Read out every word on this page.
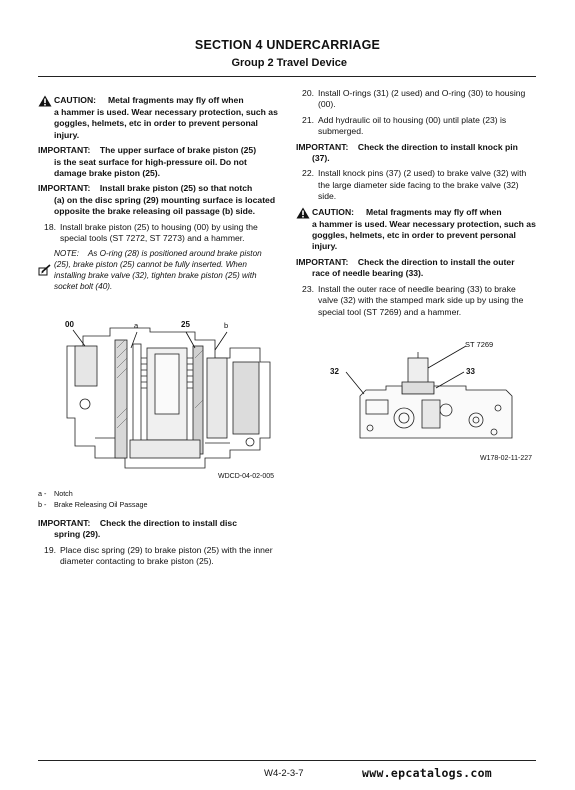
SECTION 4 UNDERCARRIAGE
Group 2 Travel Device
CAUTION: Metal fragments may fly off when
a hammer is used. Wear necessary protection, such as goggles, helmets, etc in order to prevent personal injury.
IMPORTANT: The upper surface of brake piston (25)
is the seat surface for high-pressure oil. Do not damage brake piston (25).
IMPORTANT: Install brake piston (25) so that notch
(a) on the disc spring (29) mounting surface is located opposite the brake releasing oil passage (b) side.
18. Install brake piston (25) to housing (00) by using the special tools (ST 7272, ST 7273) and a hammer.
NOTE: As O-ring (28) is positioned around brake piston (25), brake piston (25) cannot be fully inserted. When installing brake valve (32), tighten brake piston (25) with socket bolt (40).
00	a	25	b
WDCD-04-02-005
a - Notch
b - Brake Releasing Oil Passage
IMPORTANT: Check the direction to install disc
spring (29).
19. Place disc spring (29) to brake piston (25) with the inner diameter contacting to brake piston (25).
20. Install O-rings (31) (2 used) and O-ring (30) to housing (00).
21. Add hydraulic oil to housing (00) until plate (23) is submerged.
IMPORTANT: Check the direction to install knock pin
(37).
22. Install knock pins (37) (2 used) to brake valve (32) with the large diameter side facing to the brake valve (32) side.
CAUTION: Metal fragments may fly off when
a hammer is used. Wear necessary protection, such as goggles, helmets, etc in order to prevent personal injury.
IMPORTANT: Check the direction to install the outer
race of needle bearing (33).
23. Install the outer race of needle bearing (33) to brake valve (32) with the stamped mark side up by using the special tool (ST 7269) and a hammer.
ST 7269
32	33
W178-02-11-227
W4-2-3-7	www.epcatalogs.com
